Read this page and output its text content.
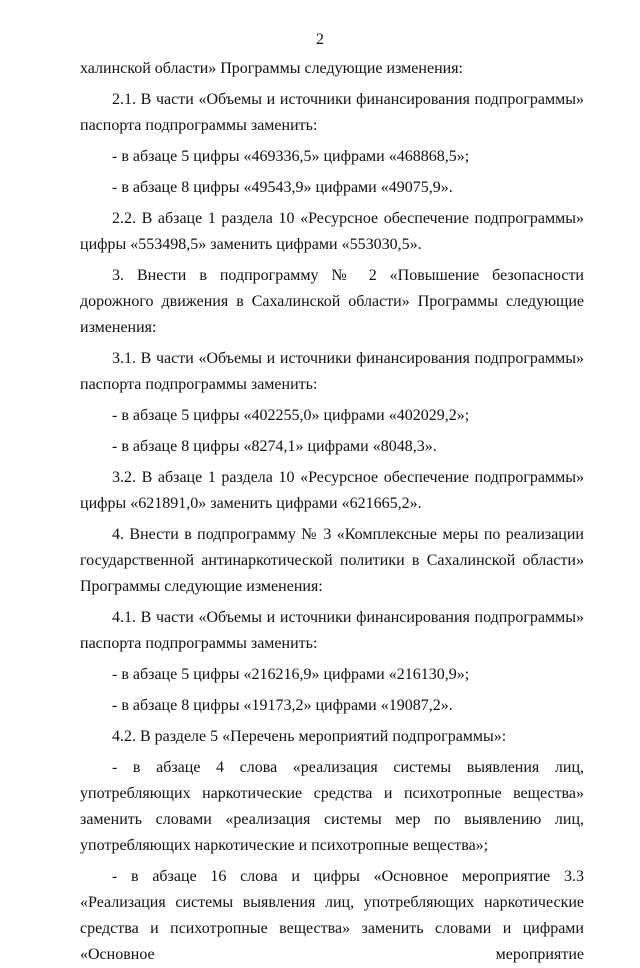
2

халинской области» Программы следующие изменения:

2.1. В части «Объемы и источники финансирования подпрограммы» паспорта подпрограммы заменить:

- в абзаце 5 цифры «469336,5» цифрами «468868,5»;

- в абзаце 8 цифры «49543,9» цифрами «49075,9».

2.2. В абзаце 1 раздела 10 «Ресурсное обеспечение подпрограммы» цифры «553498,5» заменить цифрами «553030,5».

3. Внести в подпрограмму № 2 «Повышение безопасности дорожного движения в Сахалинской области» Программы следующие изменения:

3.1. В части «Объемы и источники финансирования подпрограммы» паспорта подпрограммы заменить:

- в абзаце 5 цифры «402255,0» цифрами «402029,2»;

- в абзаце 8 цифры «8274,1» цифрами «8048,3».

3.2. В абзаце 1 раздела 10 «Ресурсное обеспечение подпрограммы» цифры «621891,0» заменить цифрами «621665,2».

4. Внести в подпрограмму № 3 «Комплексные меры по реализации государственной антинаркотической политики в Сахалинской области» Программы следующие изменения:

4.1. В части «Объемы и источники финансирования подпрограммы» паспорта подпрограммы заменить:

- в абзаце 5 цифры «216216,9» цифрами «216130,9»;

- в абзаце 8 цифры «19173,2» цифрами «19087,2».

4.2. В разделе 5 «Перечень мероприятий подпрограммы»:

- в абзаце 4 слова «реализация системы выявления лиц, употребляющих наркотические средства и психотропные вещества» заменить словами «реализация системы мер по выявлению лиц, употребляющих наркотические и психотропные вещества»;

- в абзаце 16 слова и цифры «Основное мероприятие 3.3 «Реализация системы выявления лиц, употребляющих наркотические средства и психотропные вещества» заменить словами и цифрами «Основное мероприятие
